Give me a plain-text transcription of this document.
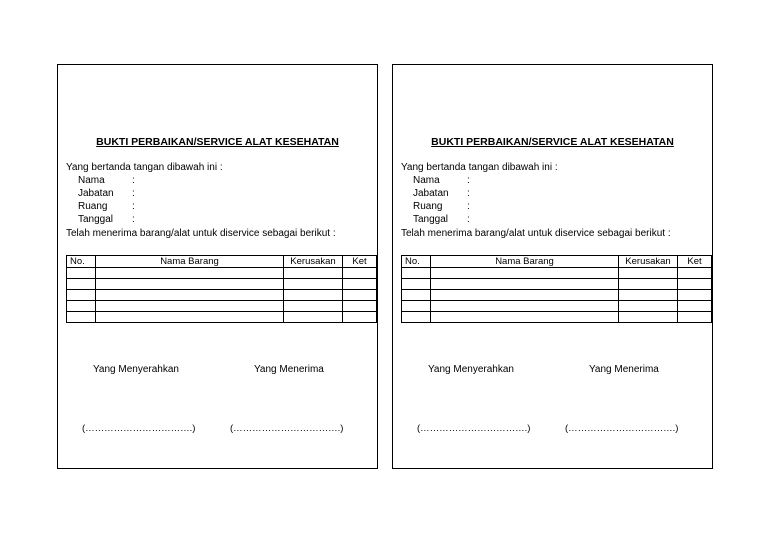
BUKTI PERBAIKAN/SERVICE ALAT KESEHATAN
Yang bertanda tangan dibawah ini :
Nama	:
Jabatan :
Ruang :
Tanggal :
Telah menerima barang/alat untuk diservice sebagai berikut :
No.	Nama Barang	Kerusakan	Ket

Yang Menyerahkan	Yang Menerima
(…………………………….)	(…………………………….)
BUKTI PERBAIKAN/SERVICE ALAT KESEHATAN
Yang bertanda tangan dibawah ini :
Nama	:
Jabatan :
Ruang :
Tanggal :
Telah menerima barang/alat untuk diservice sebagai berikut :
No.	Nama Barang	Kerusakan	Ket

Yang Menyerahkan	Yang Menerima
(…………………………….)	(…………………………….)
